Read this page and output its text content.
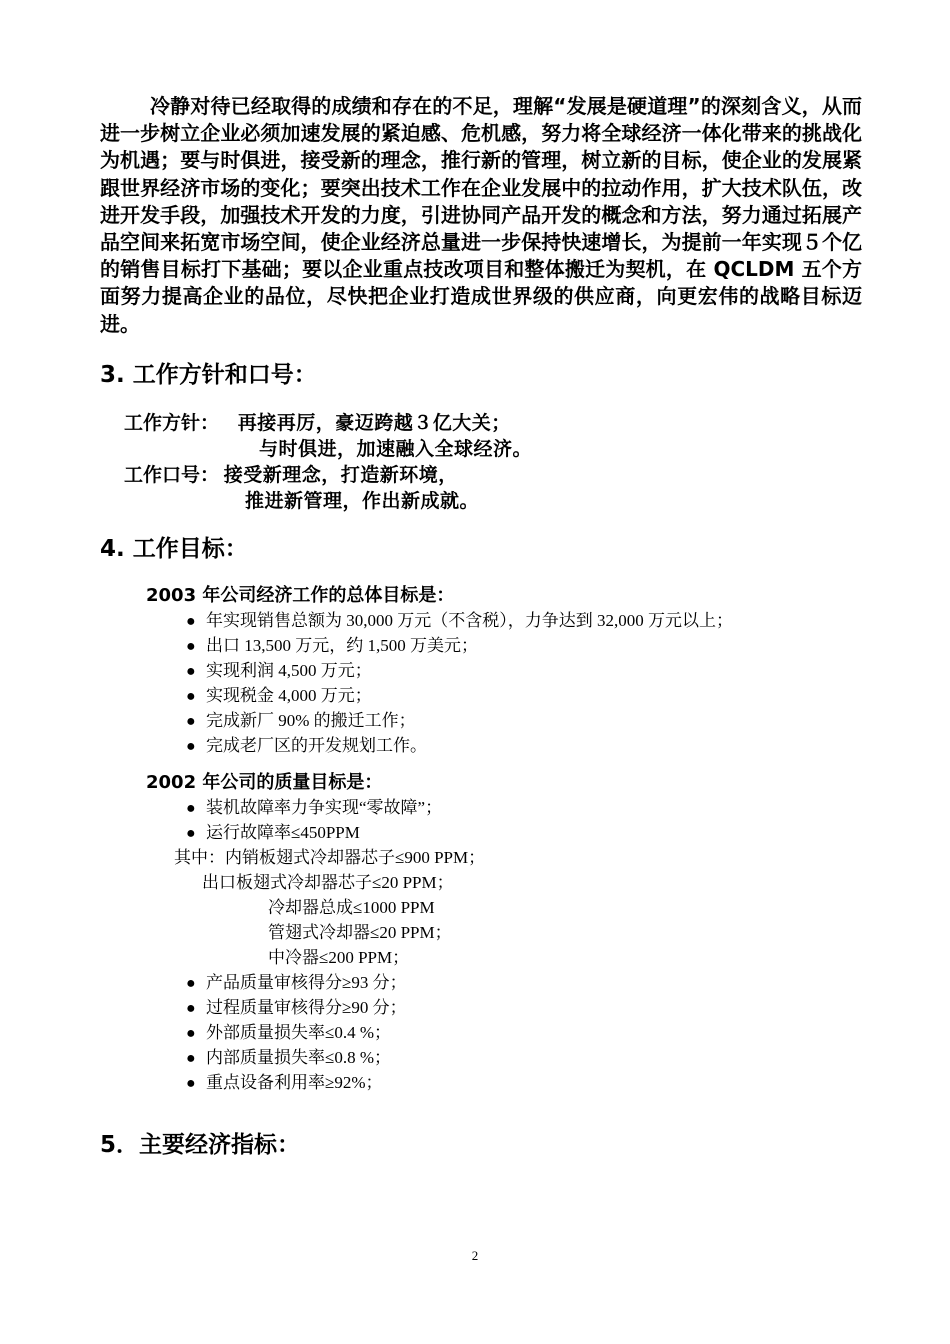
冷静对待已经取得的成绩和存在的不足，理解“发展是硬道理”的深刻含义，从而进一步树立企业必须加速发展的紧迫感、危机感，努力将全球经济一体化带来的挑战化为机遇；要与时俱进，接受新的理念，推行新的管理，树立新的目标，使企业的发展紧跟世界经济市场的变化；要突出技术工作在企业发展中的拉动作用，扩大技术队伍，改进开发手段，加强技术开发的力度，引进协同产品开发的概念和方法，努力通过拓展产品空间来拓宽市场空间，使企业经济总量进一步保持快速增长，为提前一年实现５个亿的销售目标打下基础；要以企业重点技改项目和整体搬迁为契机，在 QCLDM 五个方面努力提高企业的品位，尽快把企业打造成世界级的供应商，向更宏伟的战略目标迈进。

3. 工作方针和口号：
工作方针： 再接再厉，豪迈跨越３亿大关；
与时俱进，加速融入全球经济。
工作口号： 接受新理念，打造新环境，
推进新管理，作出新成就。
4. 工作目标：
2003 年公司经济工作的总体目标是：
● 年实现销售总额为 30,000 万元（不含税），力争达到 32,000 万元以上；
● 出口 13,500 万元，约 1,500 万美元；
● 实现利润 4,500 万元；
● 实现税金 4,000 万元；
● 完成新厂 90% 的搬迁工作；
● 完成老厂区的开发规划工作。
2002 年公司的质量目标是：
● 装机故障率力争实现“零故障”；
● 运行故障率≤450PPM
其中：内销板翅式冷却器芯子≤900 PPM；
出口板翅式冷却器芯子≤20 PPM；
冷却器总成≤1000 PPM
管翅式冷却器≤20 PPM；
中冷器≤200 PPM；
● 产品质量审核得分≥93 分；
● 过程质量审核得分≥90 分；
● 外部质量损失率≤0.4 %；
● 内部质量损失率≤0.8 %；
● 重点设备利用率≥92%；
5．主要经济指标：
2
